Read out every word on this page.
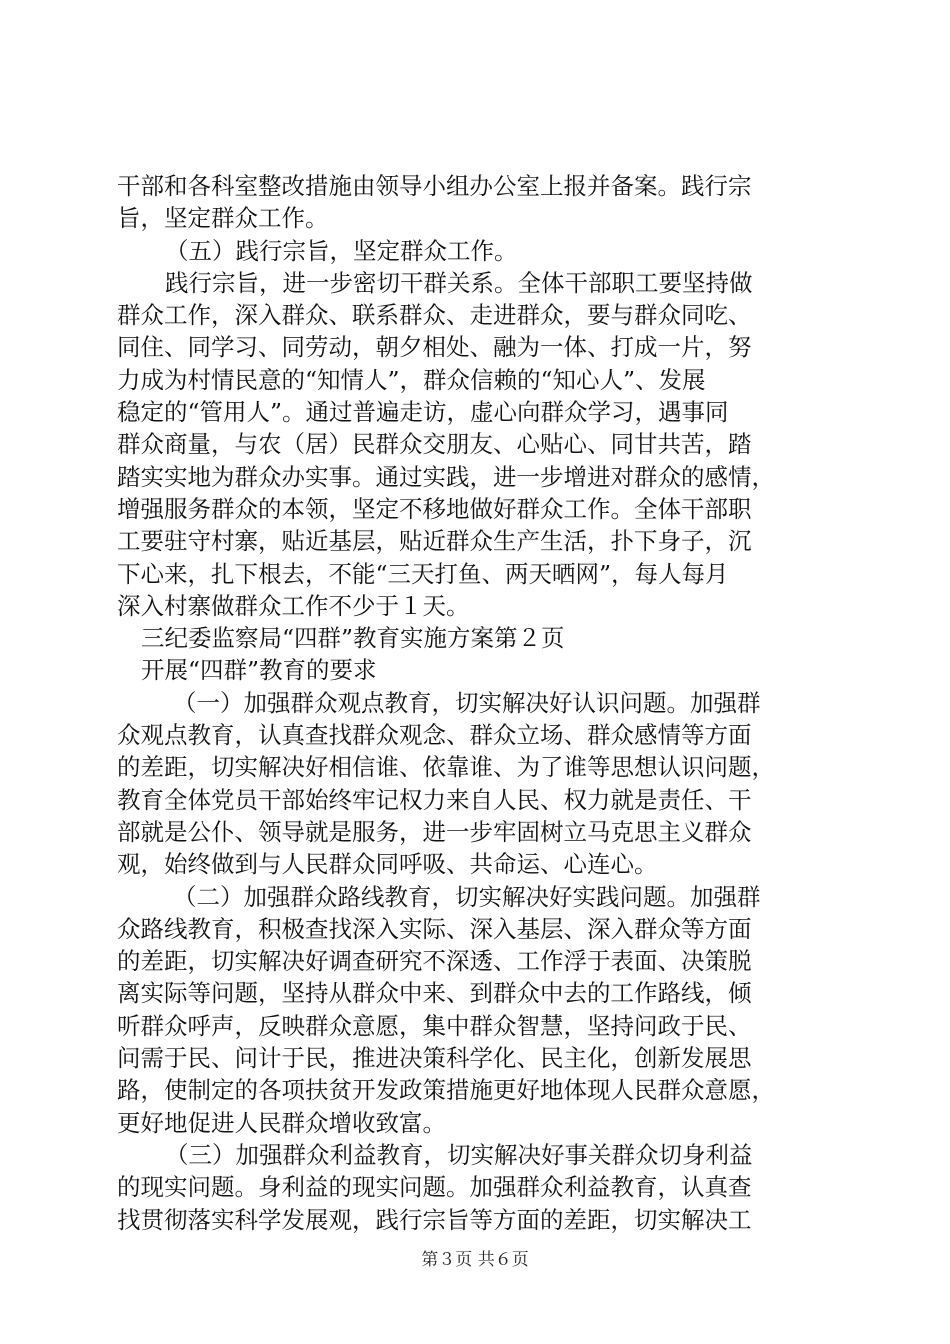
干部和各科室整改措施由领导小组办公室上报并备案。践行宗
旨，坚定群众工作。
（五）践行宗旨，坚定群众工作。
践行宗旨，进一步密切干群关系。全体干部职工要坚持做
群众工作，深入群众、联系群众、走进群众，要与群众同吃、
同住、同学习、同劳动，朝夕相处、融为一体、打成一片，努
力成为村情民意的“知情人”，群众信赖的“知心人”、发展
稳定的“管用人”。通过普遍走访，虚心向群众学习，遇事同
群众商量，与农（居）民群众交朋友、心贴心、同甘共苦，踏
踏实实地为群众办实事。通过实践，进一步增进对群众的感情，
增强服务群众的本领，坚定不移地做好群众工作。全体干部职
工要驻守村寨，贴近基层，贴近群众生产生活，扑下身子，沉
下心来，扎下根去，不能“三天打鱼、两天晒网”，每人每月
深入村寨做群众工作不少于１天。
三纪委监察局“四群”教育实施方案第２页
开展“四群”教育的要求
（一）加强群众观点教育，切实解决好认识问题。加强群
众观点教育，认真查找群众观念、群众立场、群众感情等方面
的差距，切实解决好相信谁、依靠谁、为了谁等思想认识问题，
教育全体党员干部始终牢记权力来自人民、权力就是责任、干
部就是公仆、领导就是服务，进一步牢固树立马克思主义群众
观，始终做到与人民群众同呼吸、共命运、心连心。
（二）加强群众路线教育，切实解决好实践问题。加强群
众路线教育，积极查找深入实际、深入基层、深入群众等方面
的差距，切实解决好调查研究不深透、工作浮于表面、决策脱
离实际等问题，坚持从群众中来、到群众中去的工作路线，倾
听群众呼声，反映群众意愿，集中群众智慧，坚持问政于民、
问需于民、问计于民，推进决策科学化、民主化，创新发展思
路，使制定的各项扶贫开发政策措施更好地体现人民群众意愿，
更好地促进人民群众增收致富。
（三）加强群众利益教育，切实解决好事关群众切身利益
的现实问题。身利益的现实问题。加强群众利益教育，认真查
找贯彻落实科学发展观，践行宗旨等方面的差距，切实解决工
第３页 共６页
